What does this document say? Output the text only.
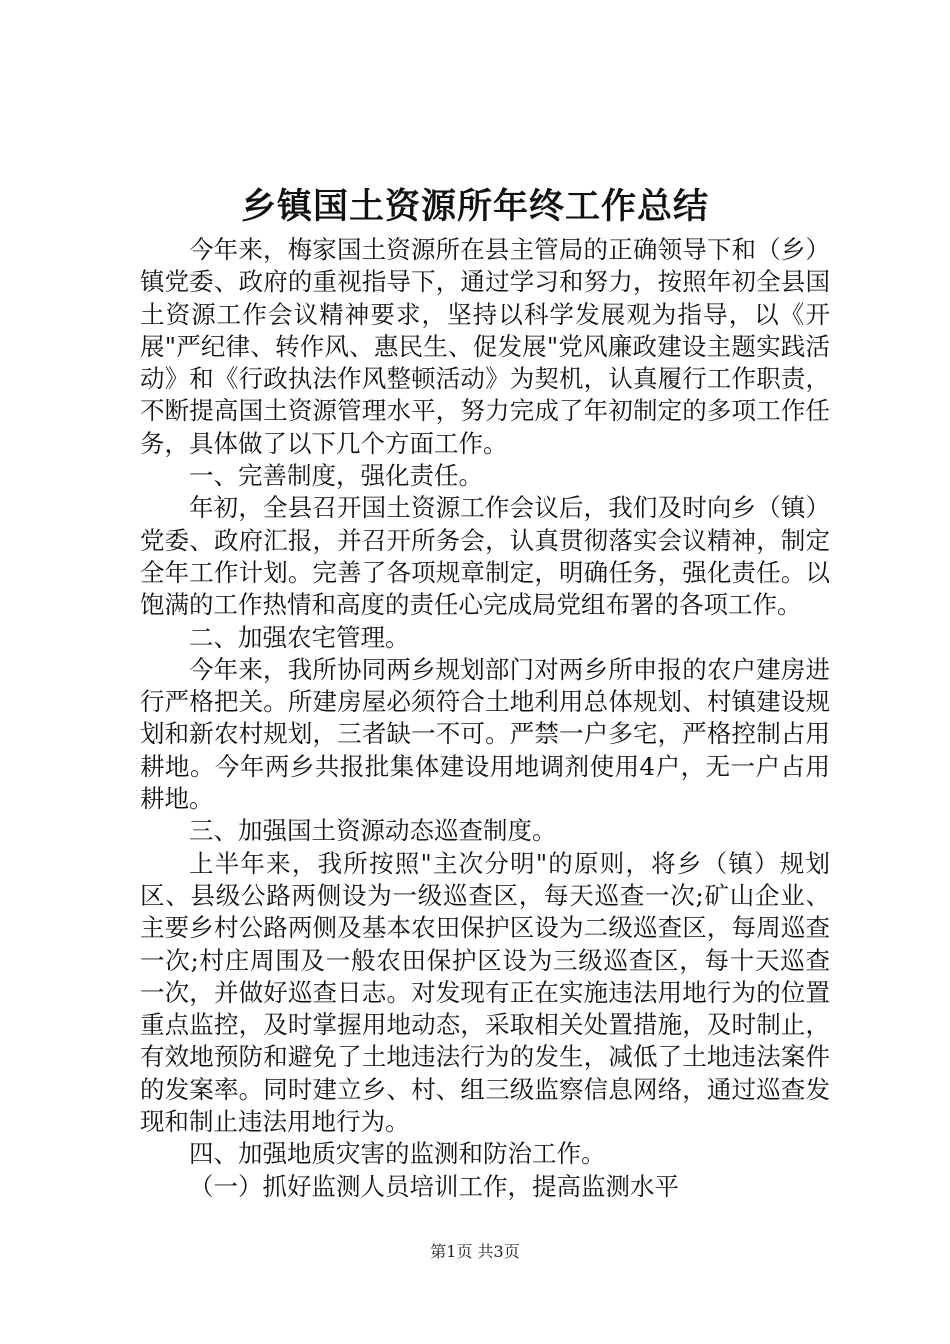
乡镇国土资源所年终工作总结

今年来，梅家国土资源所在县主管局的正确领导下和（乡）镇党委、政府的重视指导下，通过学习和努力，按照年初全县国土资源工作会议精神要求，坚持以科学发展观为指导，以《开展"严纪律、转作风、惠民生、促发展"党风廉政建设主题实践活动》和《行政执法作风整顿活动》为契机，认真履行工作职责，不断提高国土资源管理水平，努力完成了年初制定的多项工作任务，具体做了以下几个方面工作。

一、完善制度，强化责任。

年初，全县召开国土资源工作会议后，我们及时向乡（镇）党委、政府汇报，并召开所务会，认真贯彻落实会议精神，制定全年工作计划。完善了各项规章制定，明确任务，强化责任。以饱满的工作热情和高度的责任心完成局党组布署的各项工作。

二、加强农宅管理。

今年来，我所协同两乡规划部门对两乡所申报的农户建房进行严格把关。所建房屋必须符合土地利用总体规划、村镇建设规划和新农村规划，三者缺一不可。严禁一户多宅，严格控制占用耕地。今年两乡共报批集体建设用地调剂使用4户，无一户占用耕地。

三、加强国土资源动态巡查制度。

上半年来，我所按照"主次分明"的原则，将乡（镇）规划区、县级公路两侧设为一级巡查区，每天巡查一次;矿山企业、主要乡村公路两侧及基本农田保护区设为二级巡查区，每周巡查一次;村庄周围及一般农田保护区设为三级巡查区，每十天巡查一次，并做好巡查日志。对发现有正在实施违法用地行为的位置重点监控，及时掌握用地动态，采取相关处置措施，及时制止，有效地预防和避免了土地违法行为的发生，减低了土地违法案件的发案率。同时建立乡、村、组三级监察信息网络，通过巡查发现和制止违法用地行为。

四、加强地质灾害的监测和防治工作。

（一）抓好监测人员培训工作，提高监测水平

第1页 共3页
